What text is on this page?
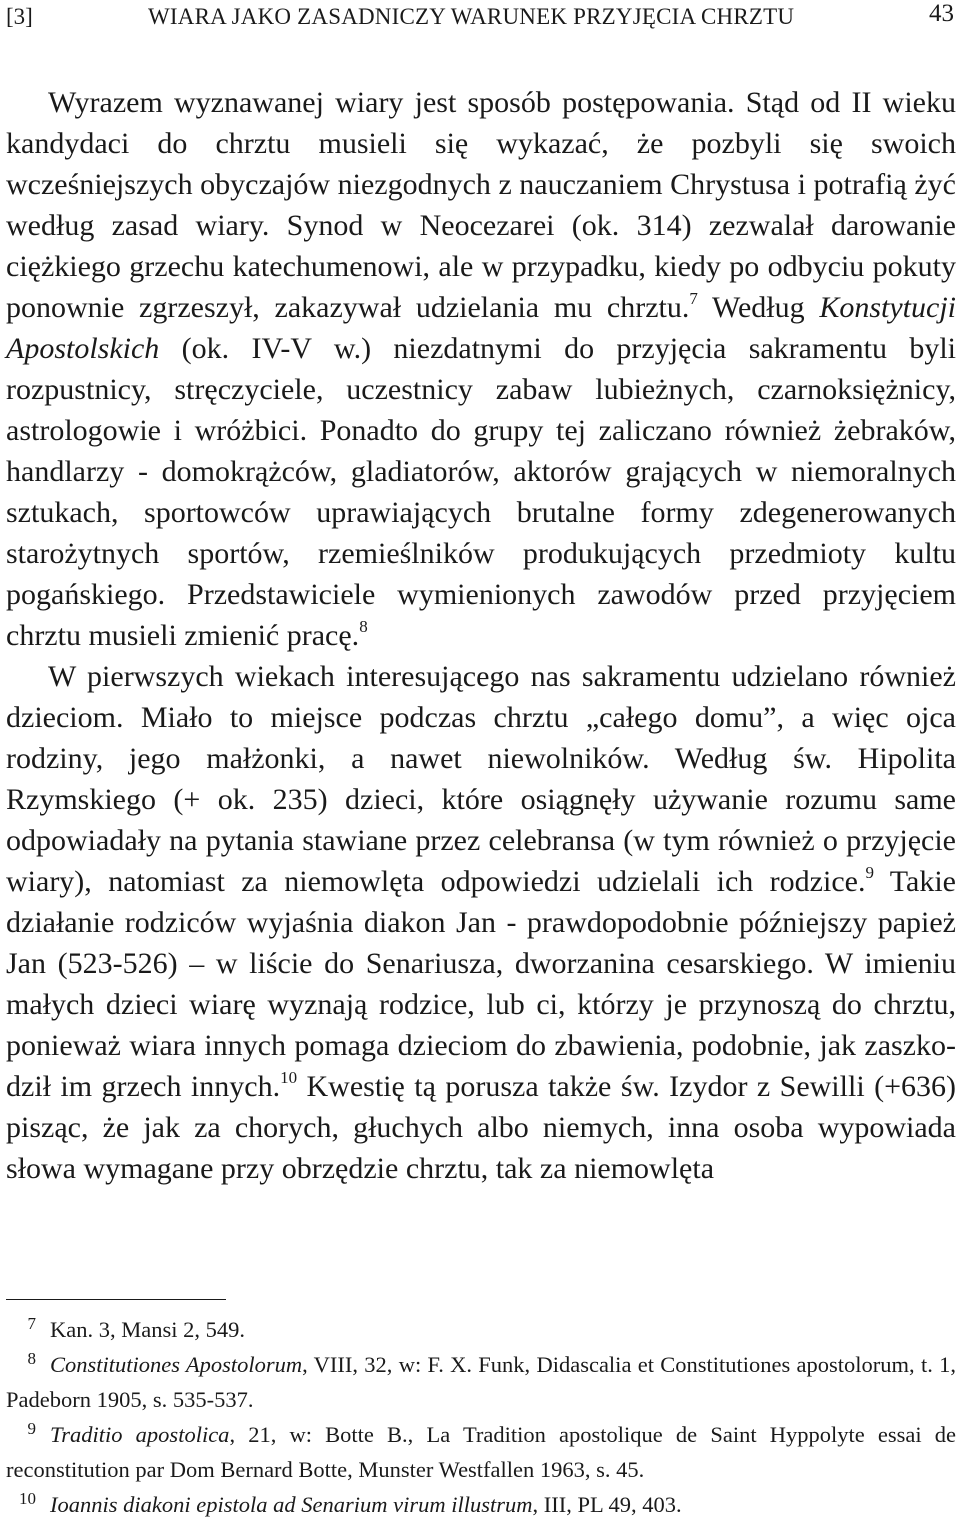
[3]	WIARA JAKO ZASADNICZY WARUNEK PRZYJĘCIA CHRZTU	43

Wyrazem wyznawanej wiary jest sposób postępowania. Stąd od II wieku kandydaci do chrztu musieli się wykazać, że pozbyli się swoich wcześniejszych obyczajów niezgodnych z nauczaniem Chrystusa i potrafią żyć według zasad wiary. Synod w Neocezarei (ok. 314) zezwalał darowanie ciężkiego grzechu katechumenowi, ale w przypadku, kiedy po odbyciu pokuty ponownie zgrzeszył, zakazywał udzielania mu chrztu.$^7$ Według Konstytucji Apostolskich (ok. IV-V w.) niezdatnymi do przyjęcia sakramentu byli rozpustnicy, stręczyciele, uczestnicy zabaw lubieżnych, czarnoksiężnicy, astrologowie i wróżbici. Ponadto do grupy tej zaliczano również żebraków, handlarzy - domokrążców, gladiatorów, aktorów grających w niemoralnych sztukach, sportowców uprawiających brutalne formy zdegenerowanych starożytnych sportów, rzemieślników produkujących przedmioty kultu pogańskiego. Przedstawiciele wymienionych zawodów przed przyjęciem chrztu musieli zmienić pracę.$^8$

W pierwszych wiekach interesującego nas sakramentu udzielano również dzieciom. Miało to miejsce podczas chrztu „całego domu”, a więc ojca rodziny, jego małżonki, a nawet niewolników. Według św. Hipolita Rzymskiego (+ ok. 235) dzieci, które osiągnęły używanie rozumu same odpowiadały na pytania stawiane przez celebransa (w tym również o przyjęcie wiary), natomiast za niemowlęta odpowiedzi udzielali ich rodzice.$^9$ Takie działanie rodziców wyjaśnia diakon Jan - prawdopodobnie późniejszy papież Jan (523-526) – w liście do Senariusza, dworzanina cesarskiego. W imieniu małych dzieci wiarę wyznają rodzice, lub ci, którzy je przynoszą do chrztu, ponieważ wiara innych pomaga dzieciom do zbawienia, podobnie, jak zaszkodził im grzech innych.$^{10}$ Kwestię tą porusza także św. Izydor z Sewilli (+636) pisząc, że jak za chorych, głuchych albo niemych, inna osoba wypowiada słowa wymagane przy obrzędzie chrztu, tak za niemowlęta

7 Kan. 3, Mansi 2, 549.

8 Constitutiones Apostolorum, VIII, 32, w: F. X. Funk, Didascalia et Constitutiones apostolorum, t. 1, Padeborn 1905, s. 535-537.

9 Traditio apostolica, 21, w: Botte B., La Tradition apostolique de Saint Hyppolyte essai de reconstitution par Dom Bernard Botte, Munster Westfallen 1963, s. 45.

10 Ioannis diakoni epistola ad Senarium virum illustrum, III, PL 49, 403.
